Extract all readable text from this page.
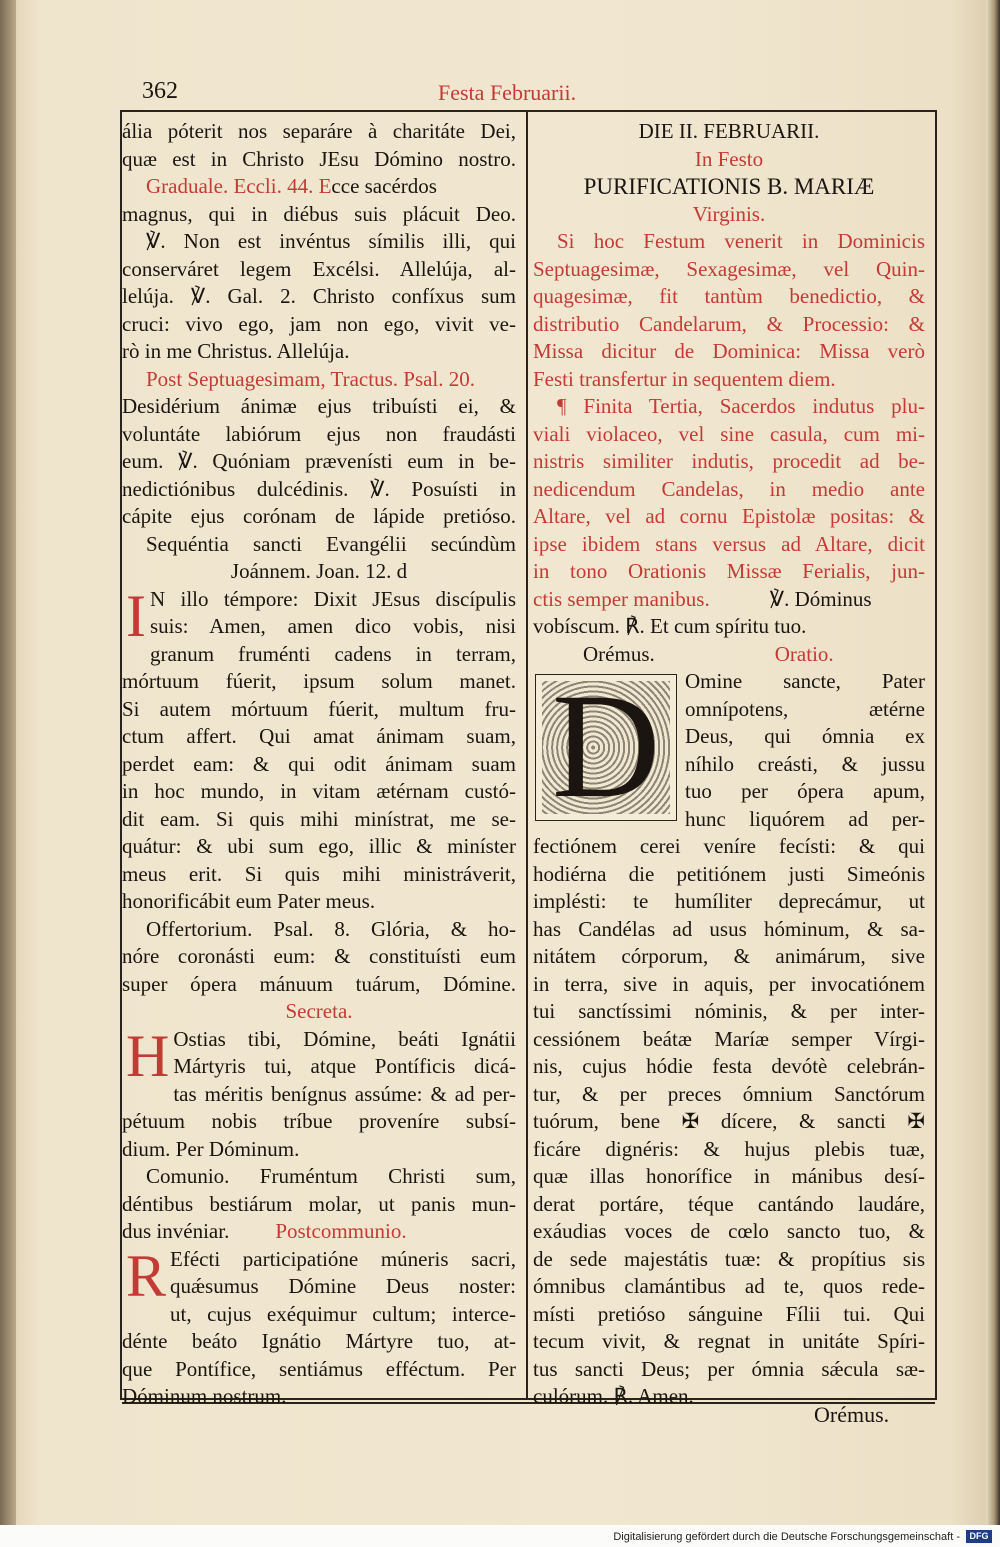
362	Festa Februarii.
ália póterit nos separáre à charitáte Dei,
quæ est in Christo JEsu Dómino nostro.
Graduale. Eccli. 44. Ecce sacérdos
magnus, qui in diébus suis plácuit Deo.
℣. Non est invéntus símilis illi, qui
conserváret legem Excélsi. Allelúja, al-
lelúja. ℣. Gal. 2. Christo confíxus sum
cruci: vivo ego, jam non ego, vivit ve-
rò in me Christus. Allelúja.
Post Septuagesimam, Tractus. Psal. 20.
Desidérium ánimæ ejus tribuísti ei, &
voluntáte labiórum ejus non fraudásti
eum. ℣. Quóniam prævenísti eum in be-
nedictiónibus dulcédinis. ℣. Posuísti in
cápite ejus corónam de lápide pretióso.
Sequéntia sancti Evangélii secúndùm
Joánnem. Joan. 12. d
I N illo témpore: Dixit JEsus discípulis
suis: Amen, amen dico vobis, nisi
granum fruménti cadens in terram,
mórtuum fúerit, ipsum solum manet.
Si autem mórtuum fúerit, multum fru-
ctum affert. Qui amat ánimam suam,
perdet eam: & qui odit ánimam suam
in hoc mundo, in vitam ætérnam custó-
dit eam. Si quis mihi minístrat, me se-
quátur: & ubi sum ego, illic & miníster
meus erit. Si quis mihi ministráverit,
honorificábit eum Pater meus.
Offertorium. Psal. 8. Glória, & ho-
nóre coronásti eum: & constituísti eum
super ópera mánuum tuárum, Dómine.
Secreta.
H Ostias tibi, Dómine, beáti Ignátii
Mártyris tui, atque Pontíficis dicá-
tas méritis benígnus assúme: & ad per-
pétuum nobis tríbue proveníre subsí-
dium. Per Dóminum.
Comunio. Fruméntum Christi sum,
déntibus bestiárum molar, ut panis mun-
dus invéniar. Postcommunio.
R Efécti participatióne múneris sacri,
quǽsumus Dómine Deus noster:
ut, cujus exéquimur cultum; interce-
dénte beáto Ignátio Mártyre tuo, at-
que Pontífice, sentiámus efféctum. Per
Dóminum nostrum.
DIE II. FEBRUARII.
In Festo
PURIFICATIONIS B. MARIÆ
Virginis.
Si hoc Festum venerit in Dominicis
Septuagesimæ, Sexagesimæ, vel Quin-
quagesimæ, fit tantùm benedictio, &
distributio Candelarum, & Processio: &
Missa dicitur de Dominica: Missa verò
Festi transfertur in sequentem diem.
¶ Finita Tertia, Sacerdos indutus plu-
viali violaceo, vel sine casula, cum mi-
nistris similiter indutis, procedit ad be-
nedicendum Candelas, in medio ante
Altare, vel ad cornu Epistolæ positas: &
ipse ibidem stans versus ad Altare, dicit
in tono Orationis Missæ Ferialis, jun-
ctis semper manibus.	℣. Dóminus
vobíscum. ℟. Et cum spíritu tuo.
Orémus.	Oratio.
D	Omine sancte, Pater
omnípotens, ætérne
Deus, qui ómnia ex
níhilo creásti, & jussu
tuo per ópera apum,
hunc liquórem ad per-
fectiónem cerei veníre fecísti: & qui
hodiérna die petitiónem justi Simeónis
implésti: te humíliter deprecámur, ut
has Candélas ad usus hóminum, & sa-
nitátem córporum, & animárum, sive
in terra, sive in aquis, per invocatiónem
tui sanctíssimi nóminis, & per inter-
cessiónem beátæ Maríæ semper Vírgi-
nis, cujus hódie festa devótè celebrán-
tur, & per preces ómnium Sanctórum
tuórum, bene ✠ dícere, & sancti ✠
ficáre dignéris: & hujus plebis tuæ,
quæ illas honorífice in mánibus desí-
derat portáre, téque cantándo laudáre,
exáudias voces de cœlo sancto tuo, &
de sede majestátis tuæ: & propítius sis
ómnibus clamántibus ad te, quos rede-
místi pretióso sánguine Fílii tui. Qui
tecum vivit, & regnat in unitáte Spíri-
tus sancti Deus; per ómnia sǽcula sæ-
culórum. ℟. Amen.
Orémus.
Digitalisierung gefördert durch die Deutsche Forschungsgemeinschaft -	DFG
